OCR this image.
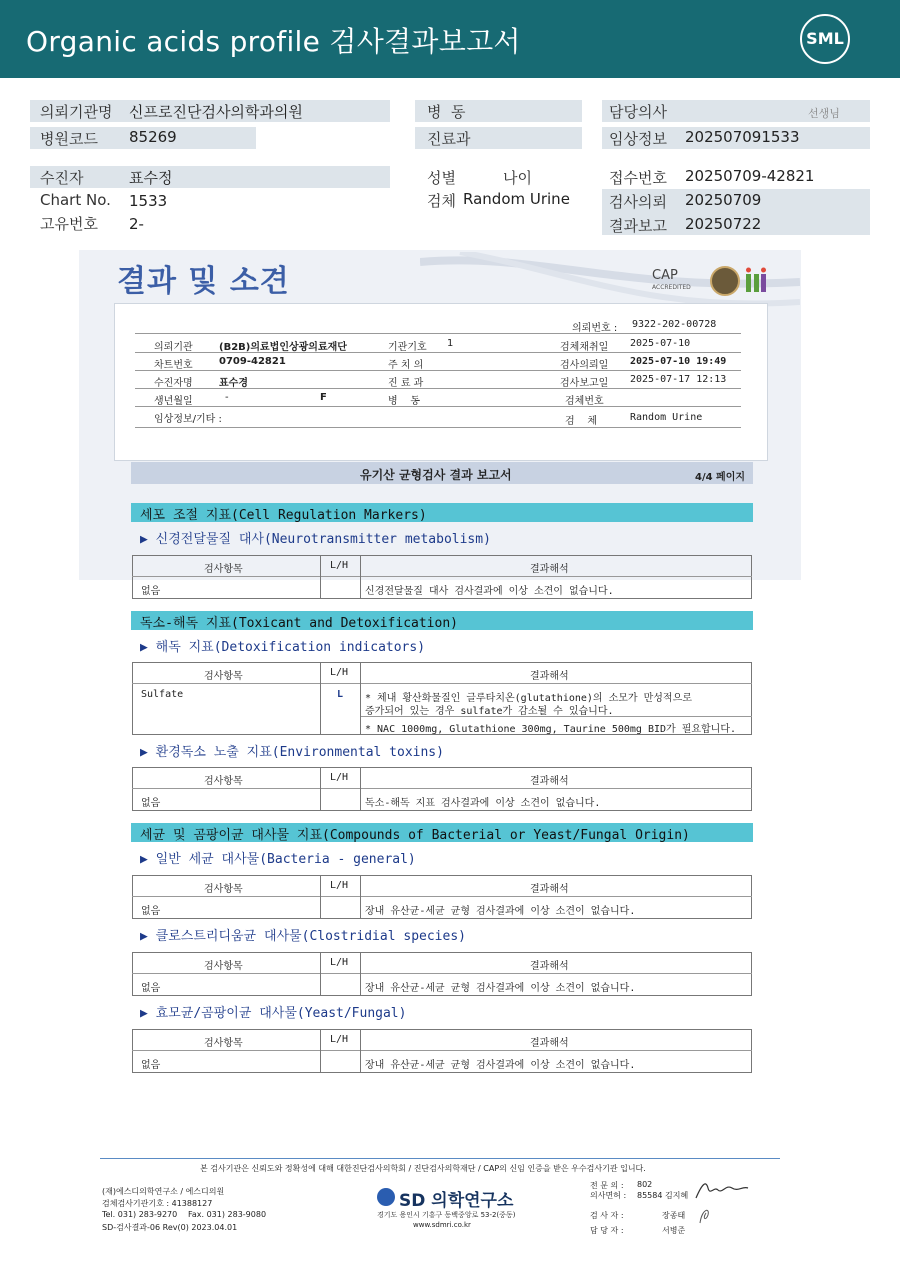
Organic acids profile 검사결과보고서	SML
의뢰기관명 신프로진단검사의학과의원
병원코드 85269
병  동
진료과
담당의사	선생님
임상정보 202507091533
수진자	표수정
Chart No. 1533
고유번호 2-
성별	나이
검체 Random Urine
접수번호 20250709-42821
검사의뢰 20250709
결과보고 20250722
결과 및 소견	CAP
ACCREDITED
의뢰번호 : 9322-202-00728
의뢰기관	(B2B)의료법인상광의료재단	기관기호 1	검체채취일 2025-07-10
차트번호	0709-42821	주 치 의	검사의뢰일 2025-07-10 19:49
수진자명	표수경	진 료 과	검사보고일 2025-07-17 12:13
생년월일	-	F	병    동	검체번호
임상정보/기타 :	검    체	Random Urine
유기산 균형검사 결과 보고서	4/4 페이지
세포 조절 지표(Cell Regulation Markers)
▶ 신경전달물질 대사(Neurotransmitter metabolism)
검사항목	L/H	결과해석
없음	신경전달물질 대사 검사결과에 이상 소견이 없습니다.
독소-해독 지표(Toxicant and Detoxification)
▶ 해독 지표(Detoxification indicators)
검사항목	L/H	결과해석
Sulfate	L * 체내 황산화물질인 글루타치온(glutathione)의 소모가 만성적으로
증가되어 있는 경우 sulfate가 감소될 수 있습니다.
* NAC 1000mg, Glutathione 300mg, Taurine 500mg BID가 필요합니다.
▶ 환경독소 노출 지표(Environmental toxins)
검사항목	L/H	결과해석
없음	독소-해독 지표 검사결과에 이상 소견이 없습니다.
세균 및 곰팡이균 대사물 지표(Compounds of Bacterial or Yeast/Fungal Origin)
▶ 일반 세균 대사물(Bacteria - general)
검사항목	L/H	결과해석
없음	장내 유산균-세균 균형 검사결과에 이상 소견이 없습니다.
▶ 클로스트리디움균 대사물(Clostridial species)
검사항목	L/H	결과해석
없음	장내 유산균-세균 균형 검사결과에 이상 소견이 없습니다.
▶ 효모균/곰팡이균 대사물(Yeast/Fungal)
검사항목	L/H	결과해석
없음	장내 유산균-세균 균형 검사결과에 이상 소견이 없습니다.
본 검사기관은 신뢰도와 정확성에 대해 대한진단검사의학회 / 진단검사의학재단 / CAP의 신임 인증을 받은 우수검사기관 입니다.
(재)에스디의학연구소 / 에스디의원
검체검사기관기호 : 41388127
Tel. 031) 283-9270 Fax. 031) 283-9080
SD-검사결과-06 Rev(0) 2023.04.01
SD 의학연구소
경기도 용인시 기흥구 동백중앙로 53-2(중동)
www.sdmri.co.kr
전 문 의 : 802
의사면허 : 85584 김지혜
검 사 자 :	장종태
담 당 자 :	서병준
